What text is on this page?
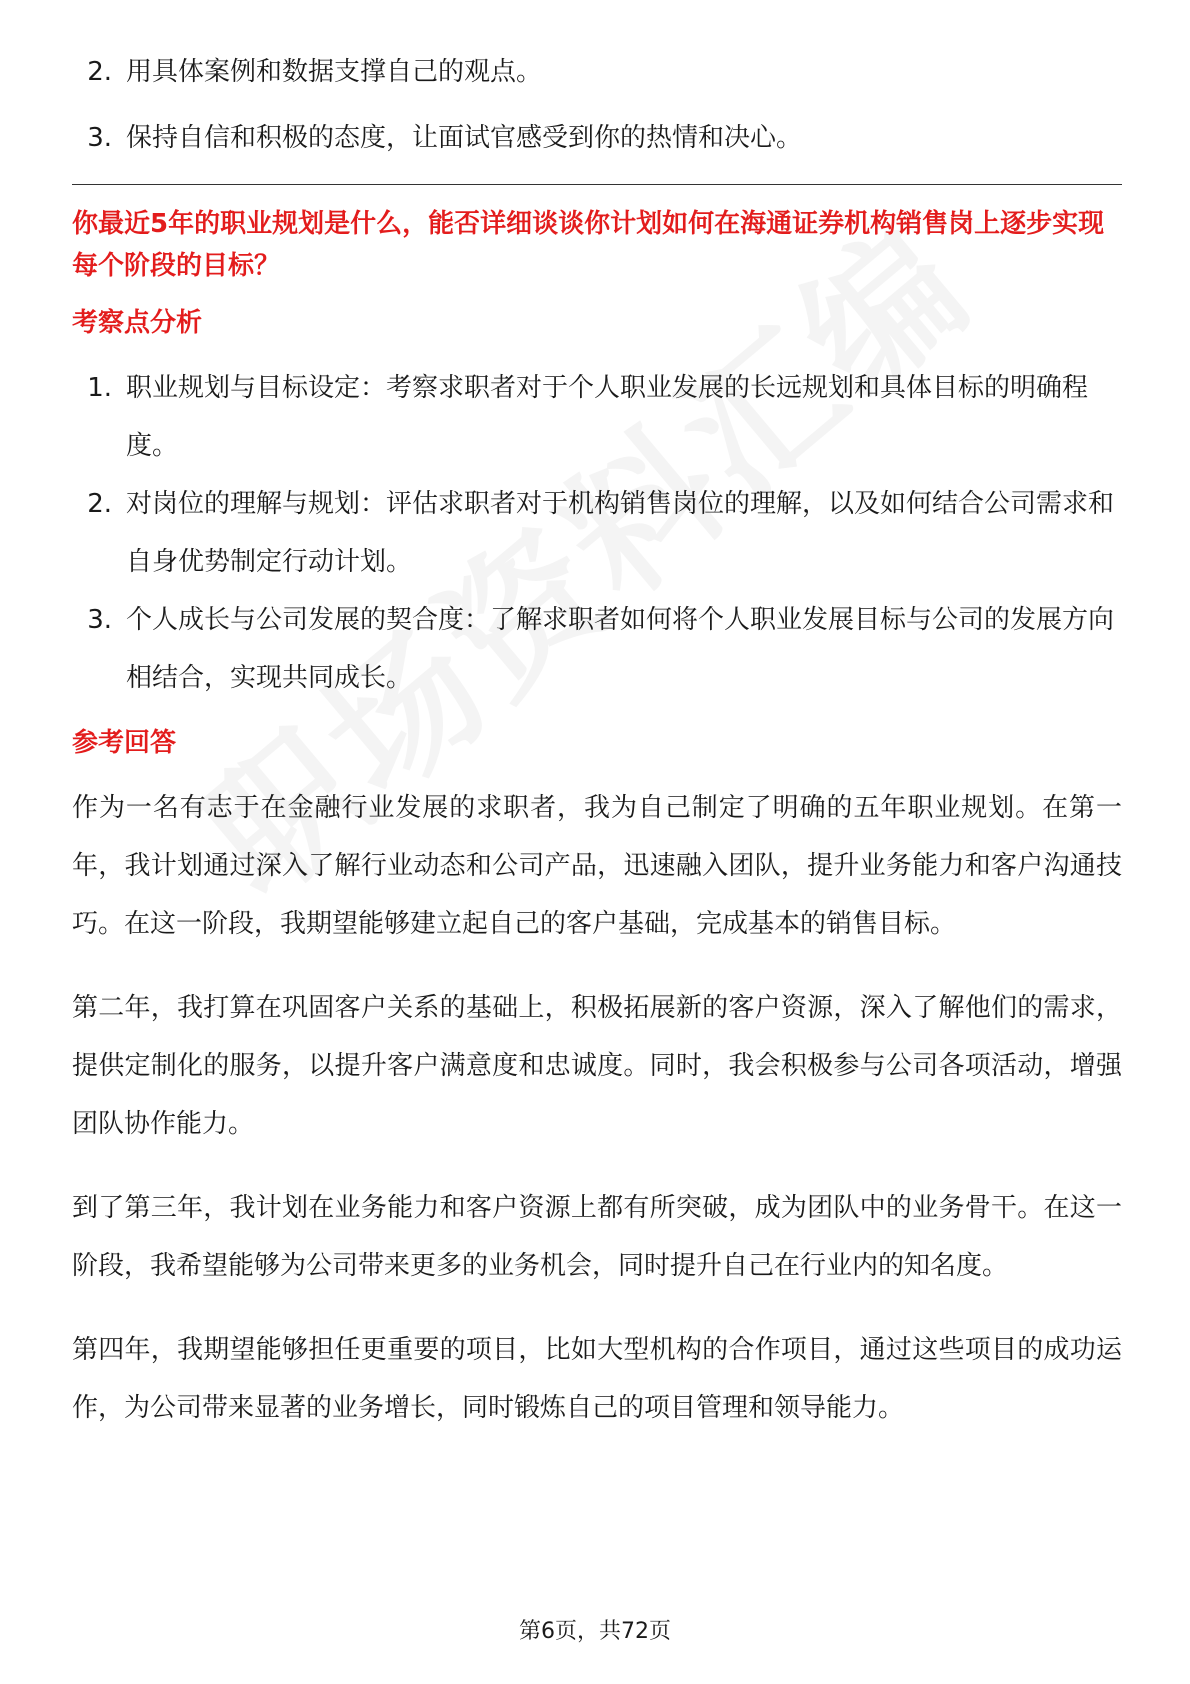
2. 用具体案例和数据支撑自己的观点。
3. 保持自信和积极的态度，让面试官感受到你的热情和决心。
你最近5年的职业规划是什么，能否详细谈谈你计划如何在海通证券机构销售岗上逐步实现每个阶段的目标？
考察点分析
1. 职业规划与目标设定：考察求职者对于个人职业发展的长远规划和具体目标的明确程度。
2. 对岗位的理解与规划：评估求职者对于机构销售岗位的理解，以及如何结合公司需求和自身优势制定行动计划。
3. 个人成长与公司发展的契合度：了解求职者如何将个人职业发展目标与公司的发展方向相结合，实现共同成长。
参考回答

作为一名有志于在金融行业发展的求职者，我为自己制定了明确的五年职业规划。在第一年，我计划通过深入了解行业动态和公司产品，迅速融入团队，提升业务能力和客户沟通技巧。在这一阶段，我期望能够建立起自己的客户基础，完成基本的销售目标。

第二年，我打算在巩固客户关系的基础上，积极拓展新的客户资源，深入了解他们的需求，提供定制化的服务，以提升客户满意度和忠诚度。同时，我会积极参与公司各项活动，增强团队协作能力。

到了第三年，我计划在业务能力和客户资源上都有所突破，成为团队中的业务骨干。在这一阶段，我希望能够为公司带来更多的业务机会，同时提升自己在行业内的知名度。

第四年，我期望能够担任更重要的项目，比如大型机构的合作项目，通过这些项目的成功运作，为公司带来显著的业务增长，同时锻炼自己的项目管理和领导能力。

第6页，共72页
